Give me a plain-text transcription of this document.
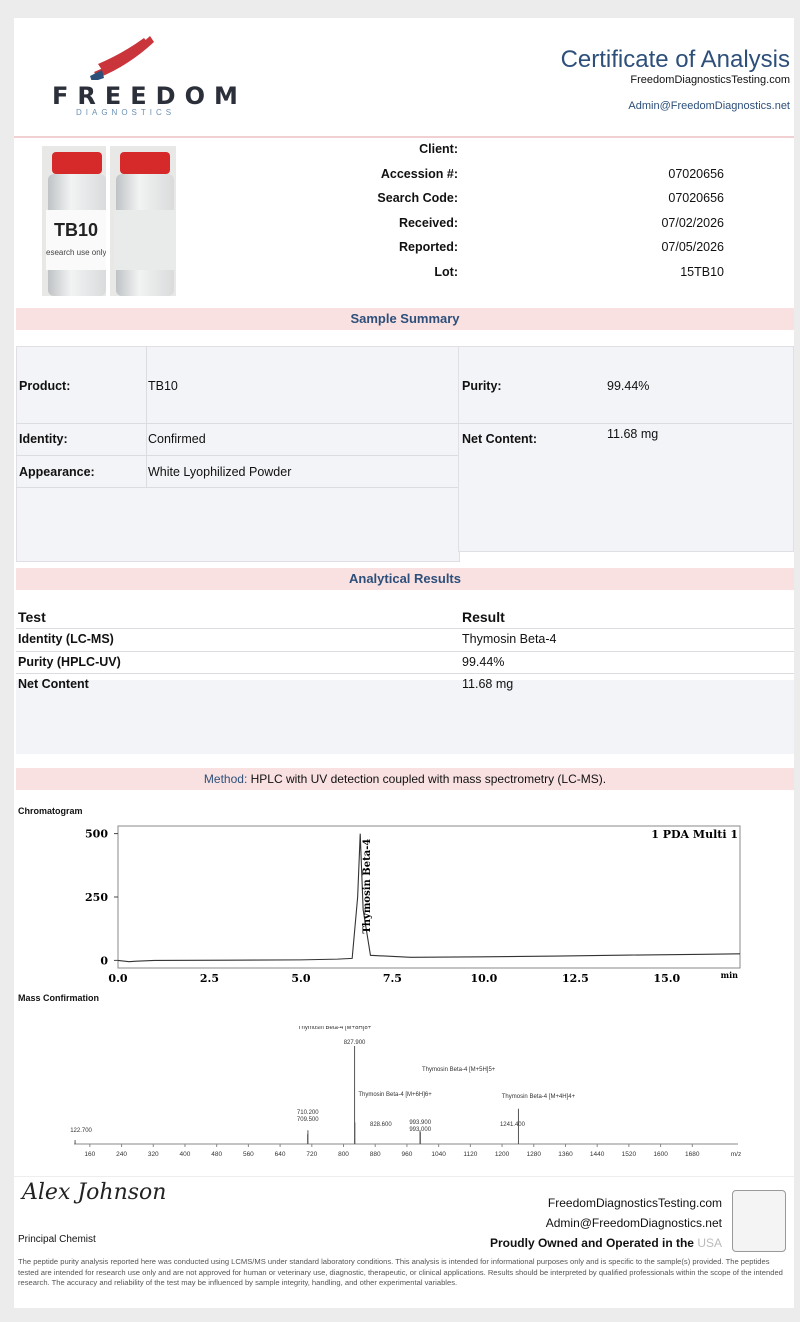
FREEDOM
DIAGNOSTICS
Certificate of Analysis
FreedomDiagnosticsTesting.com
Admin@FreedomDiagnostics.net
TB10
esearch use only
Client:
Accession #:	07020656
Search Code:	07020656
Received:	07/02/2026
Reported:	07/05/2026
Lot:	15TB10
Sample Summary
Product:	TB10
Identity:	Confirmed
Appearance:	White Lyophilized Powder
Purity:	99.44%
Net Content:	11.68 mg
Analytical Results
Test	Result
Identity (LC-MS)	Thymosin Beta-4
Purity (HPLC-UV)	99.44%
Net Content	11.68 mg
Method: HPLC with UV detection coupled with mass spectrometry (LC-MS).
Chromatogram
500
250
0
0.0	2.5	5.0	7.5	10.0	12.5	15.0	min
1 PDA Multi 1
Thymosin Beta-4
Mass Confirmation
160	240	320	400	480	560	640	720	800	880	960	1040	1120	1200	1280	1360	1440	1520	1600	1680	m/z
122.700
710.200
709.500
827.900
828.600	993.900
993.000
1241.400
Thymosin Beta-4 [M+8H]8+
Thymosin Beta-4 [M+5H]5+
Thymosin Beta-4 [M+6H]6+	Thymosin Beta-4 [M+4H]4+
Alex Johnson
Principal Chemist
FreedomDiagnosticsTesting.com
Admin@FreedomDiagnostics.net
Proudly Owned and Operated in the USA
The peptide purity analysis reported here was conducted using LCMS/MS under standard laboratory conditions. This analysis is intended for informational purposes only and is specific to the sample(s) provided. The peptides tested are intended for research use only and are not approved for human or veterinary use, diagnostic, therapeutic, or clinical applications. Results should be interpreted by qualified professionals within the scope of the intended research. The accuracy and reliability of the test may be influenced by sample integrity, handling, and other experimental variables.
